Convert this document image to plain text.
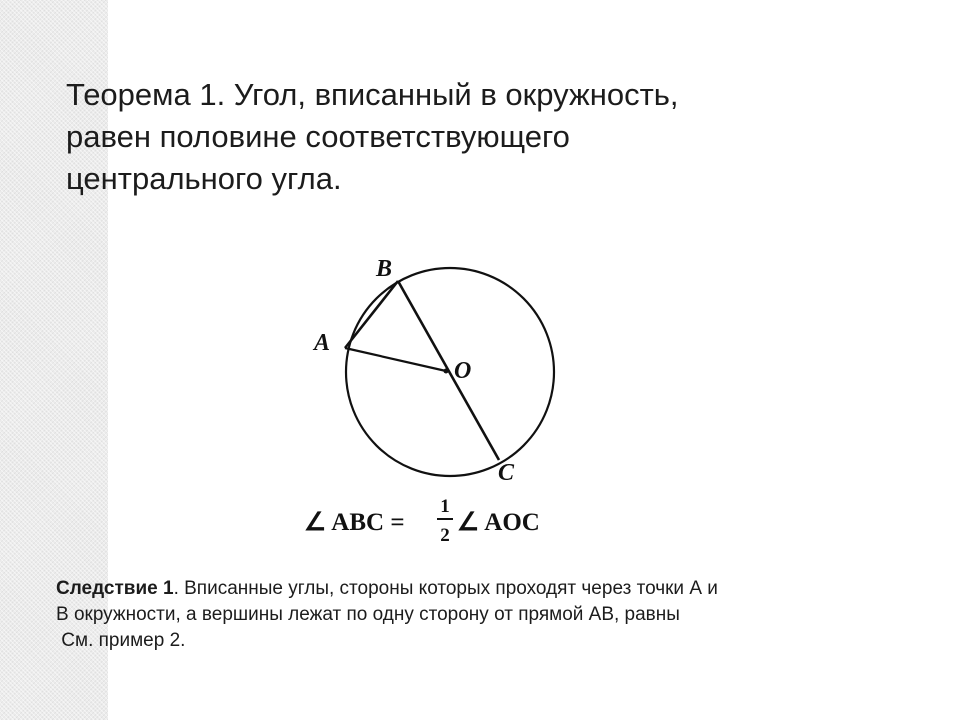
Теорема 1. Угол, вписанный в окружность,
равен половине соответствующего
центрального угла.
B
A
O
C
∠ ABC =
1
2 ∠ AOC
Следствие 1. Вписанные углы, стороны которых проходят через точки А и
В окружности, а вершины лежат по одну сторону от прямой АВ, равны
См. пример 2.
